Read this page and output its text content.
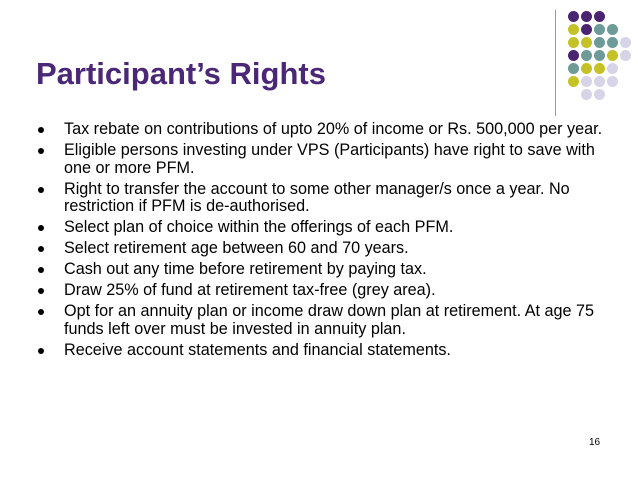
Participant’s Rights
Tax rebate on contributions of upto 20% of income or Rs. 500,000 per year.
Eligible persons investing under VPS (Participants) have right to save with one or more PFM.
Right to transfer the account to some other manager/s once a year. No restriction if PFM is de-authorised.
Select plan of choice within the offerings of each PFM.
Select retirement age between 60 and 70 years.
Cash out any time before retirement by paying tax.
Draw 25% of fund at retirement tax-free (grey area).
Opt for an annuity plan or income draw down plan at retirement. At age 75 funds left over must be invested in annuity plan.
Receive account statements and financial statements.
16
